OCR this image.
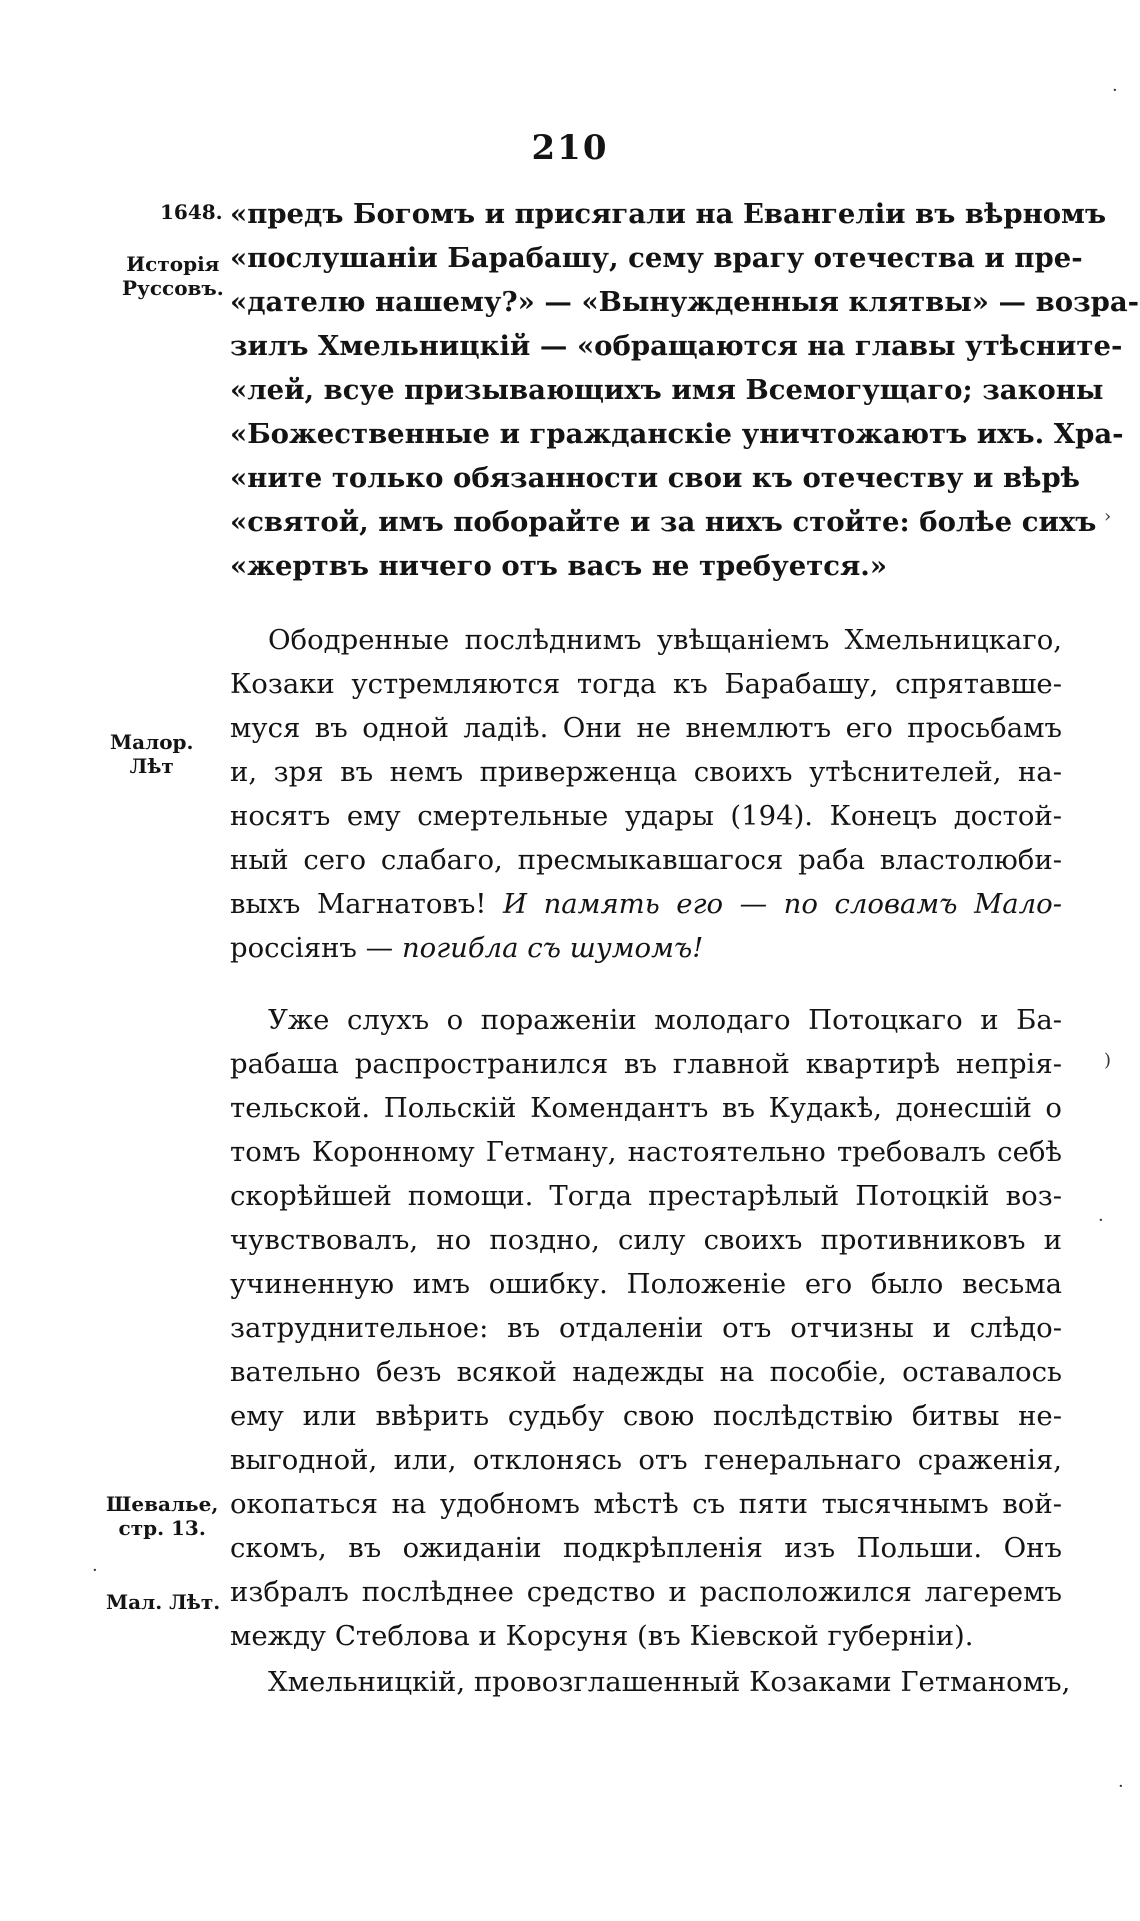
210
1648.
Исторія
Руссовъ.
Малор.
Лѣт
Шевалье,
стр. 13.
Мал. Лѣт.
«предъ Богомъ и присягали на Евангеліи въ вѣрномъ
«послушаніи Барабашу, сему врагу отечества и пре-
«дателю нашему?» — «Вынужденныя клятвы» — возра-
зилъ Хмельницкій — «обращаются на главы утѣсните-
«лей, всуе призывающихъ имя Всемогущаго; законы
«Божественные и гражданскіе уничтожаютъ ихъ. Хра-
«ните только обязанности свои къ отечеству и вѣрѣ
«святой, имъ поборайте и за нихъ стойте: болѣе сихъ
«жертвъ ничего отъ васъ не требуется.»
Ободренные послѣднимъ увѣщаніемъ Хмельницкаго,
Козаки устремляются тогда къ Барабашу, спрятавше-
муся въ одной ладіѣ. Они не внемлютъ его просьбамъ
и, зря въ немъ приверженца своихъ утѣснителей, на-
носятъ ему смертельные удары (194). Конецъ достой-
ный сего слабаго, пресмыкавшагося раба властолюби-
выхъ Магнатовъ! И память его — по словамъ Мало-
россіянъ — погибла съ шумомъ!
Уже слухъ о пораженіи молодаго Потоцкаго и Ба-
рабаша распространился въ главной квартирѣ непрія-
тельской. Польскій Комендантъ въ Кудакѣ, донесшій о
томъ Коронному Гетману, настоятельно требовалъ себѣ
скорѣйшей помощи. Тогда престарѣлый Потоцкій воз-
чувствовалъ, но поздно, силу своихъ противниковъ и
учиненную имъ ошибку. Положеніе его было весьма
затруднительное: въ отдаленіи отъ отчизны и слѣдо-
вательно безъ всякой надежды на пособіе, оставалось
ему или ввѣрить судьбу свою послѣдствію битвы не-
выгодной, или, отклонясь отъ генеральнаго сраженія,
окопаться на удобномъ мѣстѣ съ пяти тысячнымъ вой-
скомъ, въ ожиданіи подкрѣпленія изъ Польши. Онъ
избралъ послѣднее средство и расположился лагеремъ
между Стеблова и Корсуня (въ Кіевской губерніи).
Хмельницкій, провозглашенный Козаками Гетманомъ,
·
›
)
·
·
·
